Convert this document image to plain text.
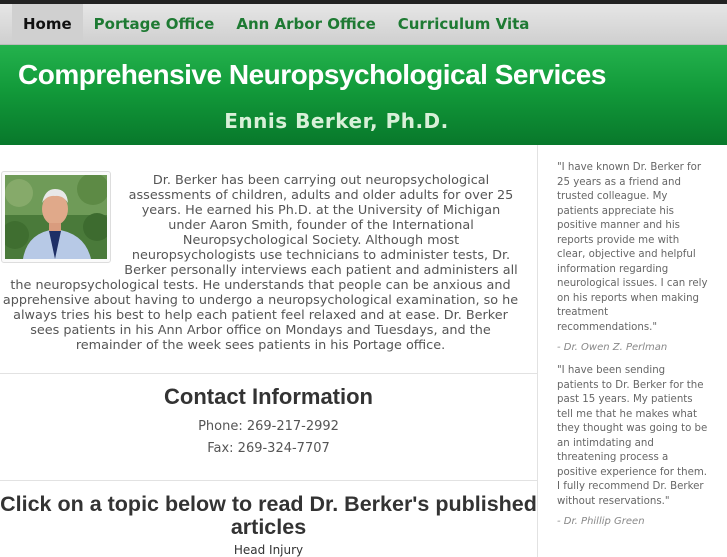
Home	Portage Office	Ann Arbor Office	Curriculum Vita
Comprehensive Neuropsychological Services
Ennis Berker, Ph.D.

Dr. Berker has been carrying out neuropsychological assessments of children, adults and older adults for over 25 years. He earned his Ph.D. at the University of Michigan under Aaron Smith, founder of the International Neuropsychological Society. Although most neuropsychologists use technicians to administer tests, Dr. Berker personally interviews each patient and administers all the neuropsychological tests. He understands that people can be anxious and apprehensive about having to undergo a neuropsychological examination, so he always tries his best to help each patient feel relaxed and at ease. Dr. Berker sees patients in his Ann Arbor office on Mondays and Tuesdays, and the remainder of the week sees patients in his Portage office.

Contact Information

Phone: 269-217-2992

Fax: 269-324-7707

Click on a topic below to read Dr. Berker's published articles
Head Injury

"I have known Dr. Berker for 25 years as a friend and trusted colleague. My patients appreciate his positive manner and his reports provide me with clear, objective and helpful information regarding neurological issues. I can rely on his reports when making treatment recommendations."

- Dr. Owen Z. Perlman

"I have been sending patients to Dr. Berker for the past 15 years. My patients tell me that he makes what they thought was going to be an intimdating and threatening process a positive experience for them. I fully recommend Dr. Berker without reservations."

- Dr. Phillip Green
